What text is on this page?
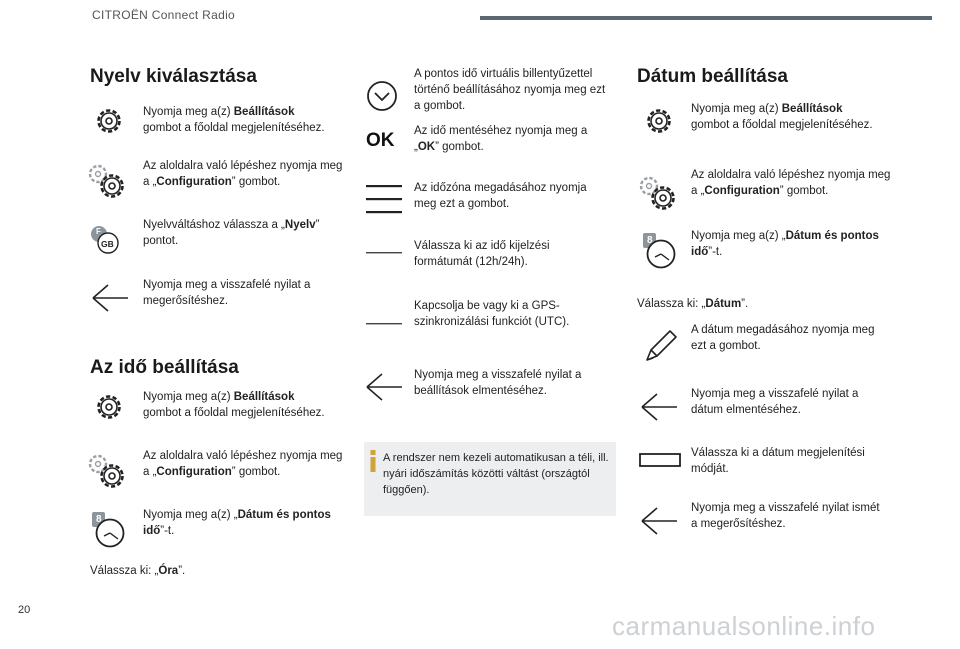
CITROËN Connect Radio
Nyelv kiválasztása
Nyomja meg a(z) Beállítások
gombot a főoldal megjelenítéséhez.
Az aloldalra való lépéshez nyomja meg a „Configuration” gombot.
F
GB
Nyelvváltáshoz válassza a „Nyelv” pontot.
Nyomja meg a visszafelé nyilat a megerősítéshez.
Az idő beállítása
Nyomja meg a(z) Beállítások
gombot a főoldal megjelenítéséhez.
Az aloldalra való lépéshez nyomja meg a „Configuration” gombot.
8	Nyomja meg a(z) „Dátum és pontos idő”-t.
Válassza ki: „Óra”.
A pontos idő virtuális billentyűzettel történő beállításához nyomja meg ezt a gombot.
OK Az idő mentéséhez nyomja meg a „OK” gombot.
Az időzóna megadásához nyomja meg ezt a gombot.
Válassza ki az idő kijelzési formátumát (12h/24h).
Kapcsolja be vagy ki a GPS-szinkronizálási funkciót (UTC).
Nyomja meg a visszafelé nyilat a beállítások elmentéséhez.
A rendszer nem kezeli automatikusan a téli, ill. nyári időszámítás közötti váltást (országtól függően).
Dátum beállítása
Nyomja meg a(z) Beállítások
gombot a főoldal megjelenítéséhez.
Az aloldalra való lépéshez nyomja meg a „Configuration” gombot.
8	Nyomja meg a(z) „Dátum és pontos idő”-t.
Válassza ki: „Dátum”.
A dátum megadásához nyomja meg ezt a gombot.
Nyomja meg a visszafelé nyilat a dátum elmentéséhez.
Válassza ki a dátum megjelenítési módját.
Nyomja meg a visszafelé nyilat ismét a megerősítéshez.
20
carmanualsonline.info
